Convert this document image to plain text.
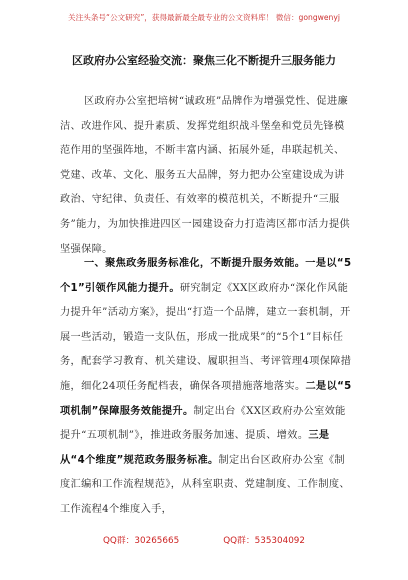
关注头条号“公文研究”，获得最新最全最专业的公文资料库！ 微信：gongwenyj
区政府办公室经验交流：聚焦三化不断提升三服务能力

区政府办公室把培树“诚政班”品牌作为增强党性、促进廉洁、改进作风、提升素质、发挥党组织战斗堡垒和党员先锋模范作用的坚强阵地，不断丰富内涵、拓展外延，串联起机关、党建、改革、文化、服务五大品牌，努力把办公室建设成为讲政治、守纪律、负责任、有效率的模范机关，不断提升“三服务”能力，为加快推进四区一园建设奋力打造湾区都市活力提供坚强保障。

一、聚焦政务服务标准化，不断提升服务效能。一是以“5个1”引领作风能力提升。研究制定《XX区政府办“深化作风能力提升年”活动方案》，提出“打造一个品牌，建立一套机制，开展一些活动，锻造一支队伍，形成一批成果”的“5个1”目标任务，配套学习教育、机关建设、履职担当、考评管理4项保障措施，细化24项任务配档表，确保各项措施落地落实。二是以“5项机制”保障服务效能提升。制定出台《XX区政府办公室效能提升“五项机制”》，推进政务服务加速、提质、增效。三是从“4个维度”规范政务服务标准。制定出台区政府办公室《制度汇编和工作流程规范》，从科室职责、党建制度、工作制度、工作流程4个维度入手，

QQ群：30265665	QQ群：535304092
